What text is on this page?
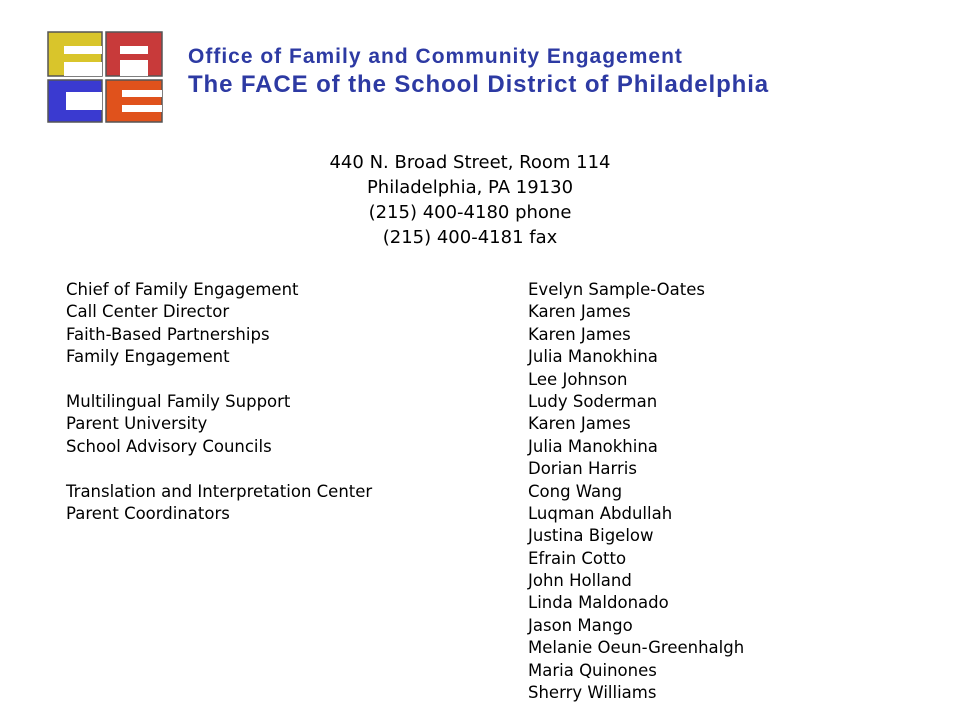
Office of Family and Community Engagement
The FACE of the School District of Philadelphia
440 N. Broad Street, Room 114
Philadelphia, PA 19130
(215) 400-4180 phone
(215) 400-4181 fax
Chief of Family Engagement	Evelyn Sample-Oates
Call Center Director	Karen James
Faith-Based Partnerships	Karen James
Family Engagement	Julia Manokhina
Lee Johnson
Multilingual Family Support	Ludy Soderman
Parent University	Karen James
School Advisory Councils	Julia Manokhina
Dorian Harris
Translation and Interpretation Center	Cong Wang
Parent Coordinators	Luqman Abdullah
Justina Bigelow
Efrain Cotto
John Holland
Linda Maldonado
Jason Mango
Melanie Oeun-Greenhalgh
Maria Quinones
Sherry Williams
